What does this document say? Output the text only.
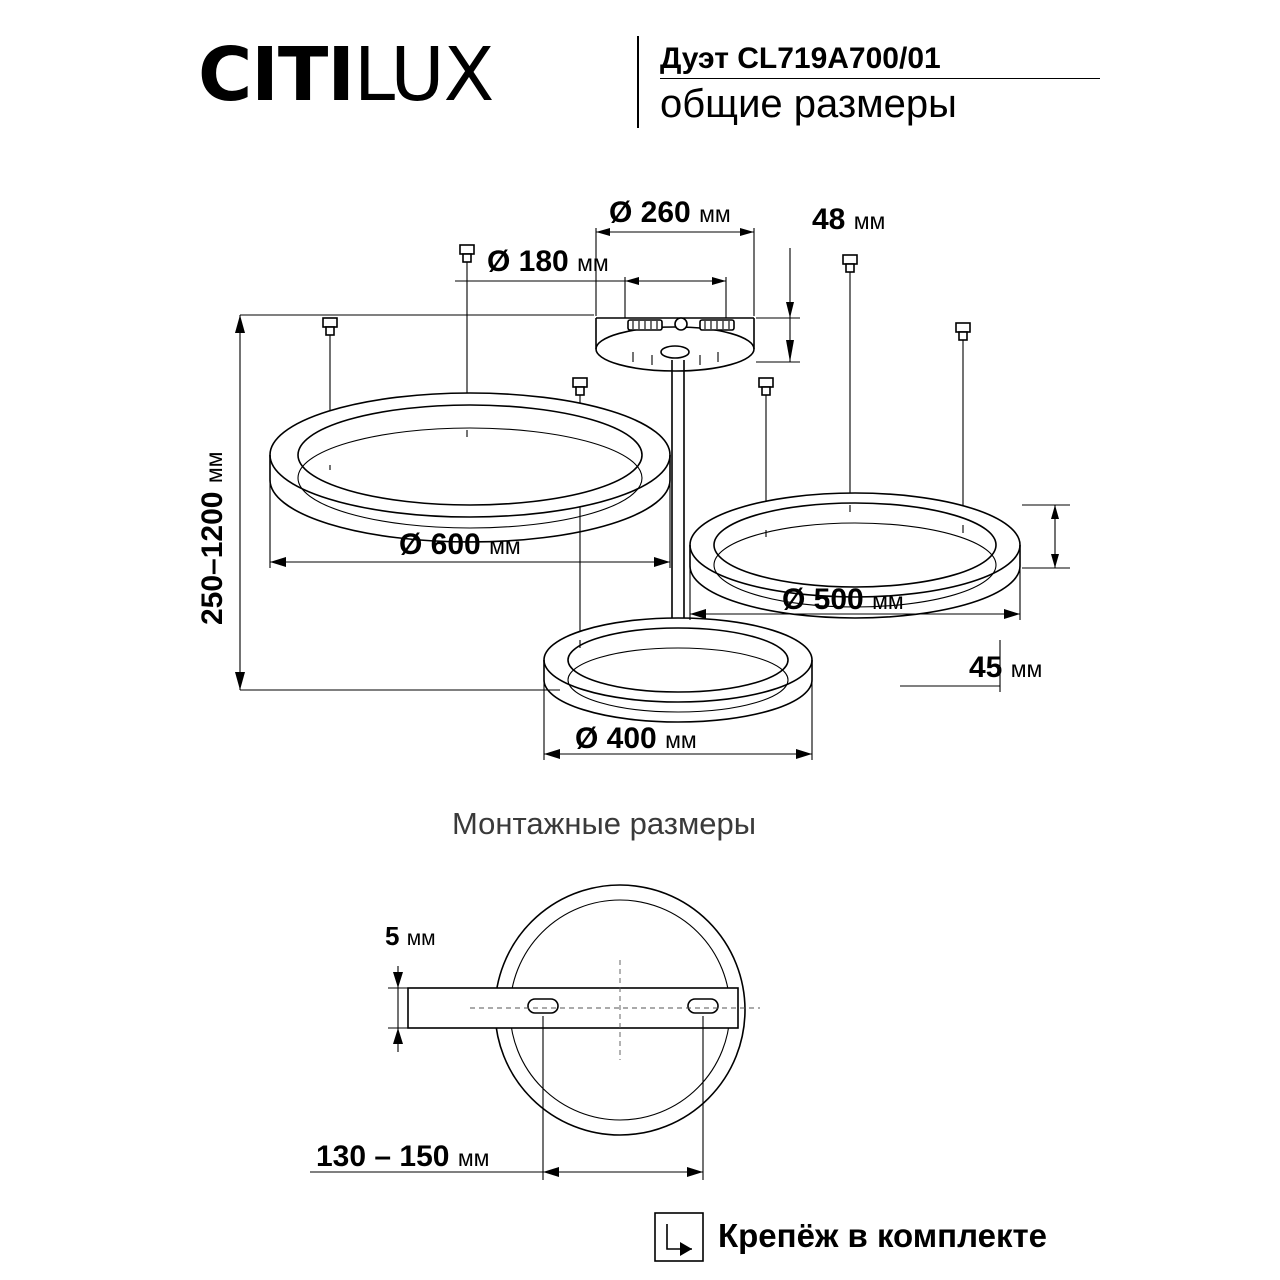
CITILUX	Дуэт CL719A700/01
общие размеры
Ø 260 мм
Ø 180 мм
48 мм
250–1200 мм
Ø 600 мм
Ø 500 мм
Ø 400 мм
45 мм
Монтажные размеры
5 мм
130 – 150 мм
Крепёж в комплекте
